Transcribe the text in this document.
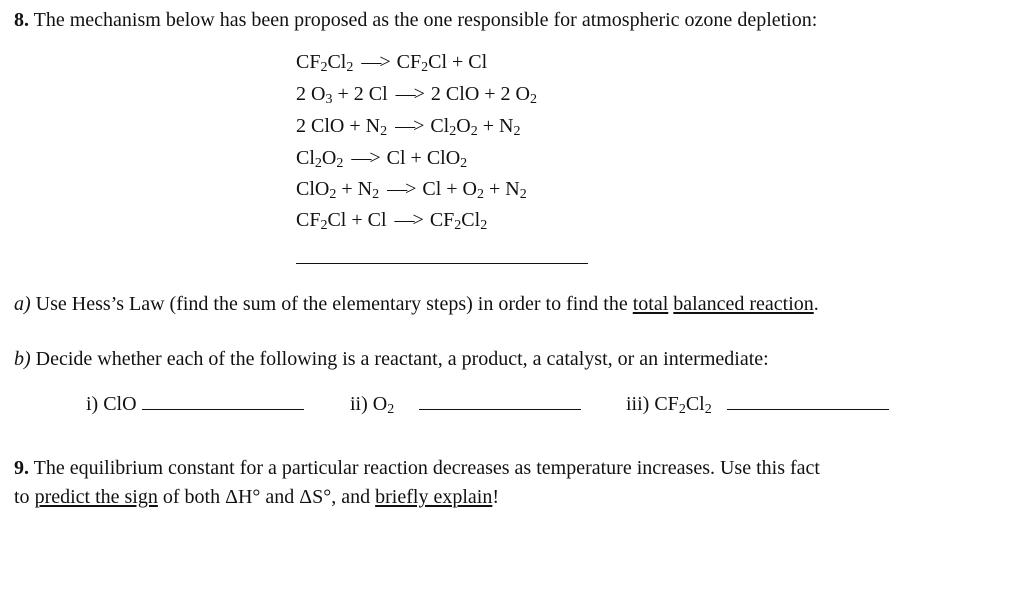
8. The mechanism below has been proposed as the one responsible for atmospheric ozone depletion:
$CF_2Cl_2$ —> $CF_2Cl + Cl$
2 $O_3 + 2$ Cl —> 2 ClO + 2 $O_2$
2 ClO + $N_2$ —> $Cl_2O_2 + N_2$
$Cl_2O_2$ —> Cl + ClO$_2$
$ClO_2 + N_2$ —> $Cl + O_2 + N_2$
$CF_2Cl + Cl$ —> $CF_2Cl_2$
a) Use Hess’s Law (find the sum of the elementary steps) in order to find the total balanced reaction.
b) Decide whether each of the following is a reactant, a product, a catalyst, or an intermediate:
i) ClO	ii) $O_2$	iii) $CF_2Cl_2$
9. The equilibrium constant for a particular reaction decreases as temperature increases. Use this fact
to predict the sign of both ΔH° and ΔS°, and briefly explain!
